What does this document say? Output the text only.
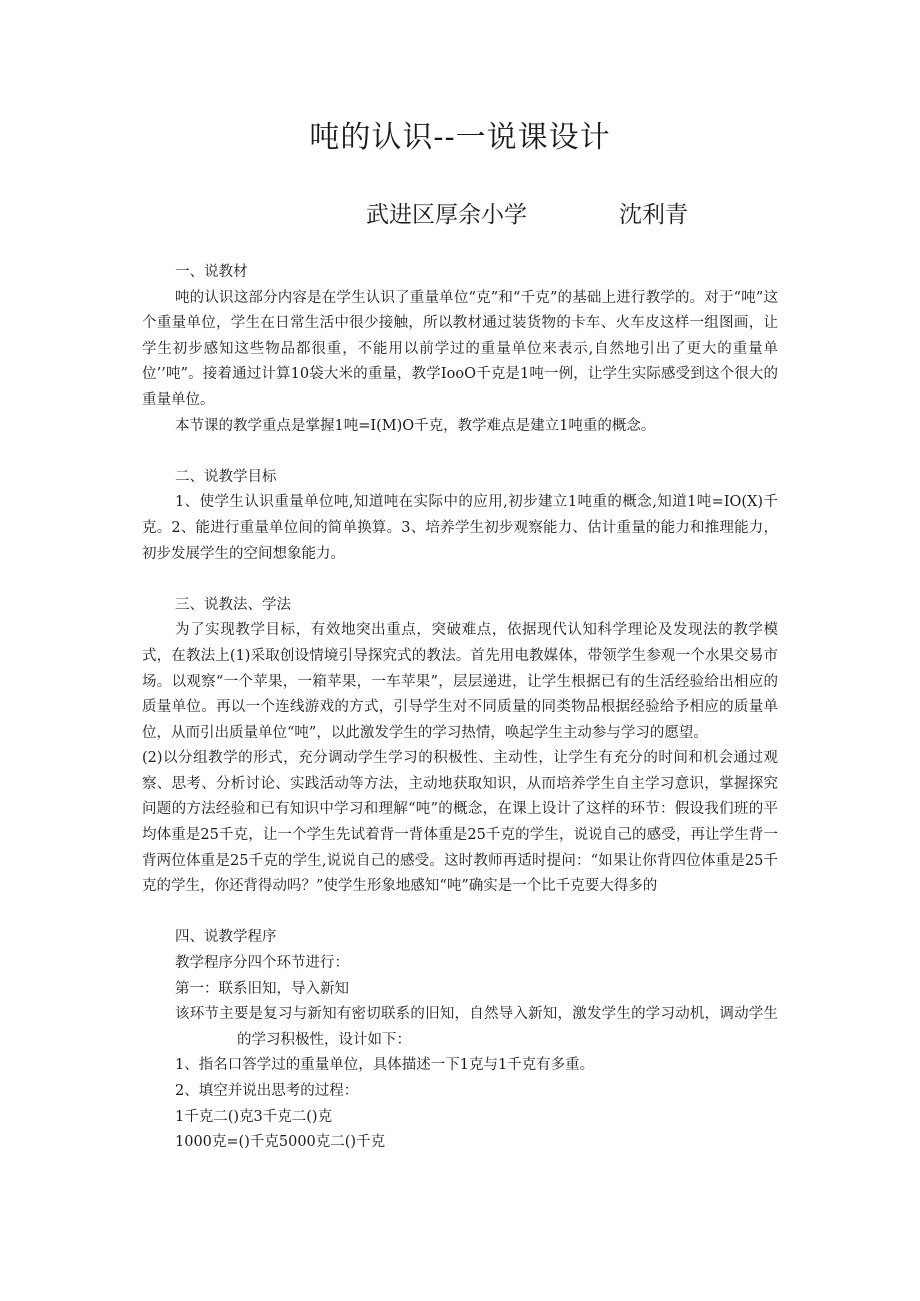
吨的认识--一说课设计
武进区厚余小学	沈利青

一、说教材

吨的认识这部分内容是在学生认识了重量单位“克”和“千克”的基础上进行教学的。对于“吨”这个重量单位，学生在日常生活中很少接触，所以教材通过装货物的卡车、火车皮这样一组图画，让学生初步感知这些物品都很重，不能用以前学过的重量单位来表示,自然地引出了更大的重量单位’’吨”。接着通过计算10袋大米的重量，教学IooO千克是1吨一例，让学生实际感受到这个很大的重量单位。

本节课的教学重点是掌握1吨=I(M)O千克，教学难点是建立1吨重的概念。

二、说教学目标

1、使学生认识重量单位吨,知道吨在实际中的应用,初步建立1吨重的概念,知道1吨=IO(X)千克。2、能进行重量单位间的简单换算。3、培养学生初步观察能力、估计重量的能力和推理能力，初步发展学生的空间想象能力。

三、说教法、学法

为了实现教学目标，有效地突出重点，突破难点，依据现代认知科学理论及发现法的教学模式，在教法上(1)采取创设情境引导探究式的教法。首先用电教媒体，带领学生参观一个水果交易市场。以观察“一个苹果，一箱苹果，一车苹果”，层层递进，让学生根据已有的生活经验给出相应的质量单位。再以一个连线游戏的方式，引导学生对不同质量的同类物品根据经验给予相应的质量单位，从而引出质量单位“吨”，以此激发学生的学习热情，唤起学生主动参与学习的愿望。

(2)以分组教学的形式，充分调动学生学习的积极性、主动性，让学生有充分的时间和机会通过观察、思考、分析讨论、实践活动等方法，主动地获取知识，从而培养学生自主学习意识，掌握探究问题的方法经验和已有知识中学习和理解“吨”的概念，在课上设计了这样的环节：假设我们班的平均体重是25千克，让一个学生先试着背一背体重是25千克的学生，说说自己的感受，再让学生背一背两位体重是25千克的学生,说说自己的感受。这时教师再适时提问：“如果让你背四位体重是25千克的学生，你还背得动吗？”使学生形象地感知“吨”确实是一个比千克要大得多的

四、说教学程序

教学程序分四个环节进行：

第一：联系旧知，导入新知

该环节主要是复习与新知有密切联系的旧知，自然导入新知，激发学生的学习动机，调动学生的学习积极性，设计如下：

1、指名口答学过的重量单位，具体描述一下1克与1千克有多重。

2、填空并说出思考的过程：

1千克二()克3千克二()克

1000克=()千克5000克二()千克
